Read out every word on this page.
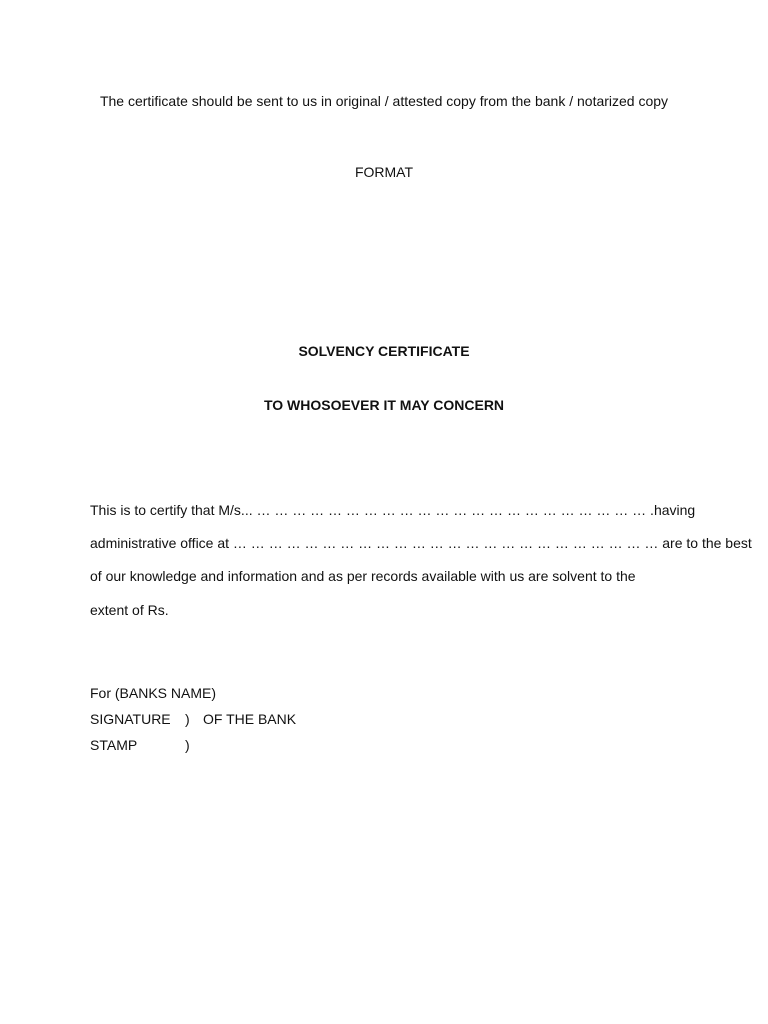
The certificate should be sent to us in original / attested copy from the bank / notarized copy
FORMAT
SOLVENCY CERTIFICATE
TO WHOSOEVER IT MAY CONCERN
This is to certify that M/s... … … … … … … … … … … … … … … … … … … … … … … .having
administrative office at … … … … … … … … … … … … … … … … … … … … … … … … are to the best
of our knowledge and information and as per records available with us are solvent to the
extent of Rs.
For (BANKS NAME)
SIGNATURE ) OF THE BANK
STAMP	)
